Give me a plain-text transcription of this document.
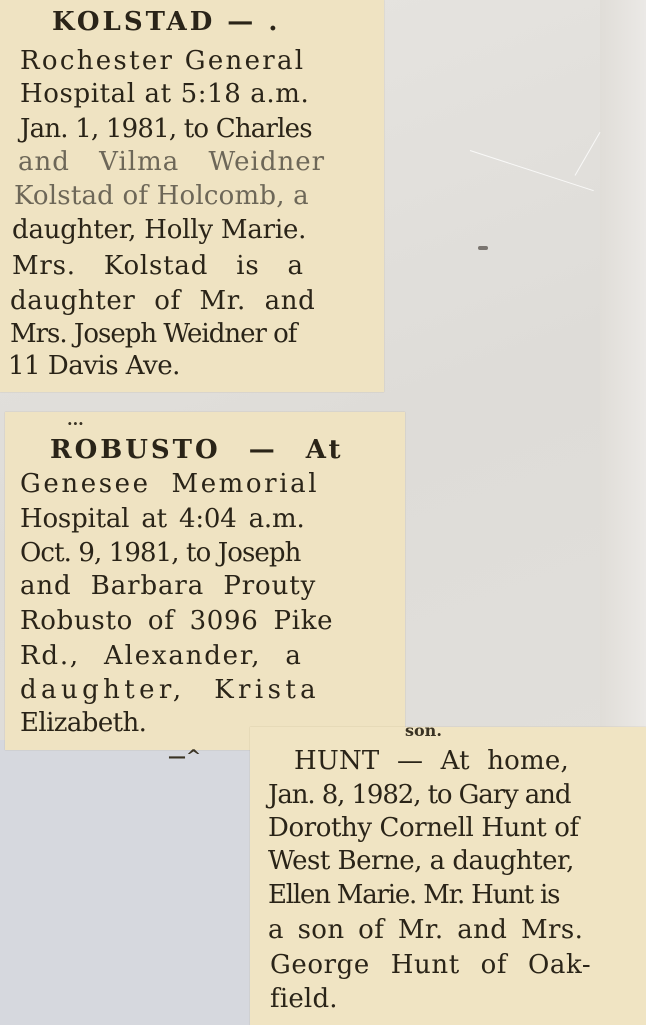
KOLSTAD — .
Rochester General
Hospital at 5:18 a.m.
Jan. 1, 1981, to Charles
and Vilma Weidner
Kolstad of Holcomb, a
daughter, Holly Marie.
Mrs. Kolstad is a
daughter of Mr. and
Mrs. Joseph Weidner of
11 Davis Ave.
...
ROBUSTO — At
Genesee Memorial
Hospital at 4:04 a.m.
Oct. 9, 1981, to Joseph
and Barbara Prouty
Robusto of 3096 Pike
Rd., Alexander, a
daughter, Krista
Elizabeth.
—^
son.
HUNT — At home,
Jan. 8, 1982, to Gary and
Dorothy Cornell Hunt of
West Berne, a daughter,
Ellen Marie. Mr. Hunt is
a son of Mr. and Mrs.
George Hunt of Oak-
field.
